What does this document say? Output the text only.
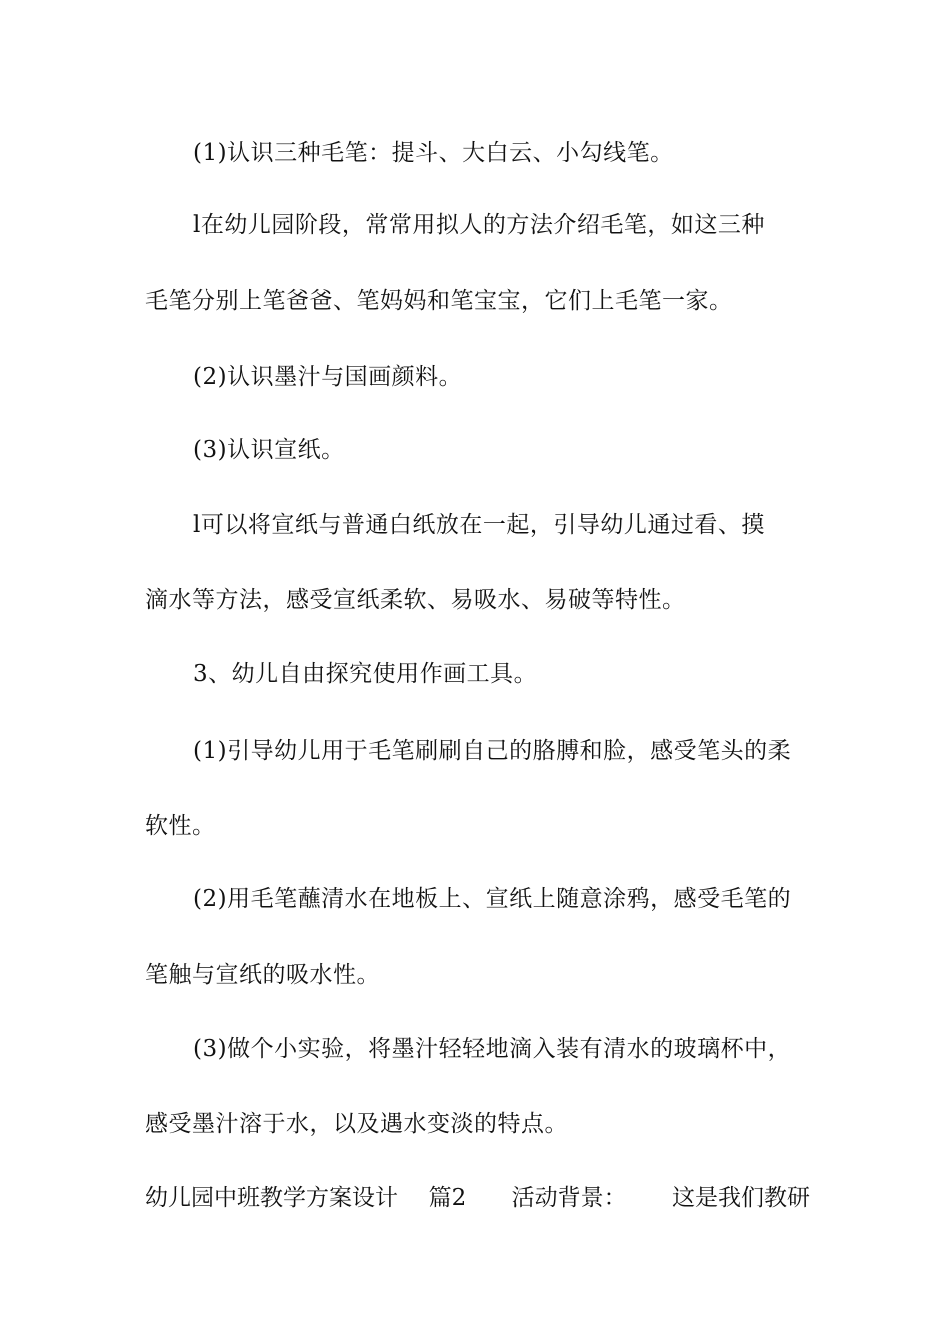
(1)认识三种毛笔：提斗、大白云、小勾线笔。
l在幼儿园阶段，常常用拟人的方法介绍毛笔，如这三种
毛笔分别上笔爸爸、笔妈妈和笔宝宝，它们上毛笔一家。
(2)认识墨汁与国画颜料。
(3)认识宣纸。
l可以将宣纸与普通白纸放在一起，引导幼儿通过看、摸
滴水等方法，感受宣纸柔软、易吸水、易破等特性。
3、幼儿自由探究使用作画工具。
(1)引导幼儿用于毛笔刷刷自己的胳膊和脸，感受笔头的柔
软性。
(2)用毛笔蘸清水在地板上、宣纸上随意涂鸦，感受毛笔的
笔触与宣纸的吸水性。
(3)做个小实验，将墨汁轻轻地滴入装有清水的玻璃杯中，
感受墨汁溶于水，以及遇水变淡的特点。
幼儿园中班教学方案设计 篇2 活动背景： 这是我们教研
